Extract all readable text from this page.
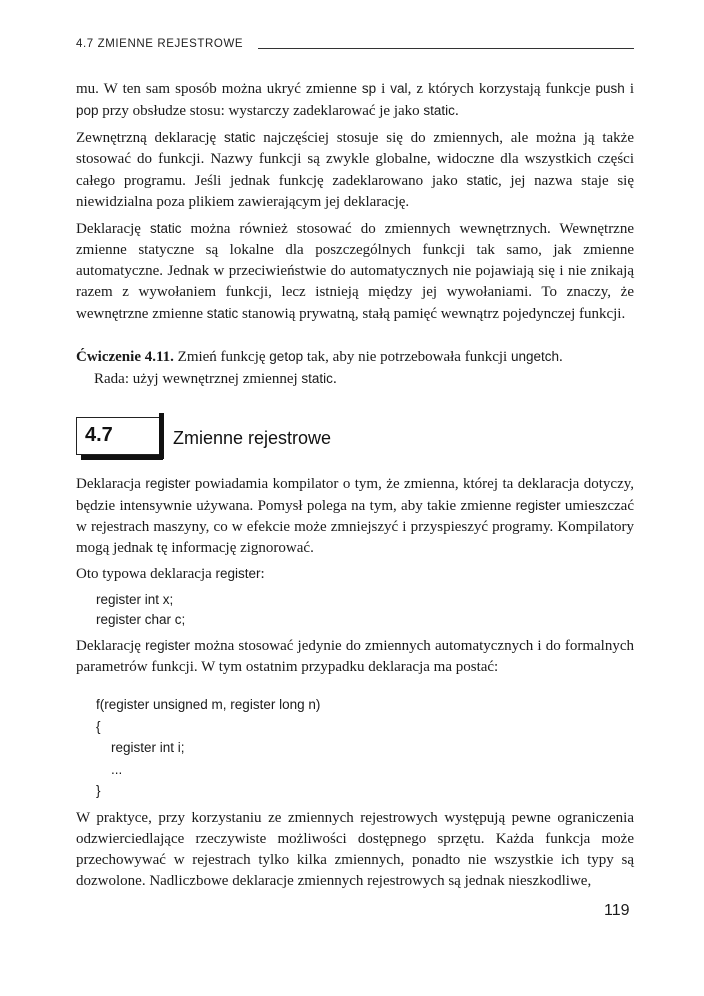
4.7 ZMIENNE REJESTROWE

mu. W ten sam sposób można ukryć zmienne sp i val, z których korzystają funkcje push i pop przy obsłudze stosu: wystarczy zadeklarować je jako static.

Zewnętrzną deklarację static najczęściej stosuje się do zmiennych, ale można ją także stosować do funkcji. Nazwy funkcji są zwykle globalne, widoczne dla wszystkich części całego programu. Jeśli jednak funkcję zadeklarowano jako static, jej nazwa staje się niewidzialna poza plikiem zawierającym jej deklarację.

Deklarację static można również stosować do zmiennych wewnętrznych. Wewnętrzne zmienne statyczne są lokalne dla poszczególnych funkcji tak samo, jak zmienne automatyczne. Jednak w przeciwieństwie do automatycznych nie pojawiają się i nie znikają razem z wywołaniem funkcji, lecz istnieją między jej wywołaniami. To znaczy, że wewnętrzne zmienne static stanowią prywatną, stałą pamięć wewnątrz pojedynczej funkcji.

Ćwiczenie 4.11. Zmień funkcję getop tak, aby nie potrzebowała funkcji ungetch.
Rada: użyj wewnętrznej zmiennej static.
4.7	Zmienne rejestrowe

Deklaracja register powiadamia kompilator o tym, że zmienna, której ta deklaracja dotyczy, będzie intensywnie używana. Pomysł polega na tym, aby takie zmienne register umieszczać w rejestrach maszyny, co w efekcie może zmniejszyć i przyspieszyć programy. Kompilatory mogą jednak tę informację zignorować.

Oto typowa deklaracja register:

register int x;
register char c;

Deklarację register można stosować jedynie do zmiennych automatycznych i do formalnych parametrów funkcji. W tym ostatnim przypadku deklaracja ma postać:

f(register unsigned m, register long n)
{
register int i;
...
}

W praktyce, przy korzystaniu ze zmiennych rejestrowych występują pewne ograniczenia odzwierciedlające rzeczywiste możliwości dostępnego sprzętu. Każda funkcja może przechowywać w rejestrach tylko kilka zmiennych, ponadto nie wszystkie ich typy są dozwolone. Nadliczbowe deklaracje zmiennych rejestrowych są jednak nieszkodliwe,

119
